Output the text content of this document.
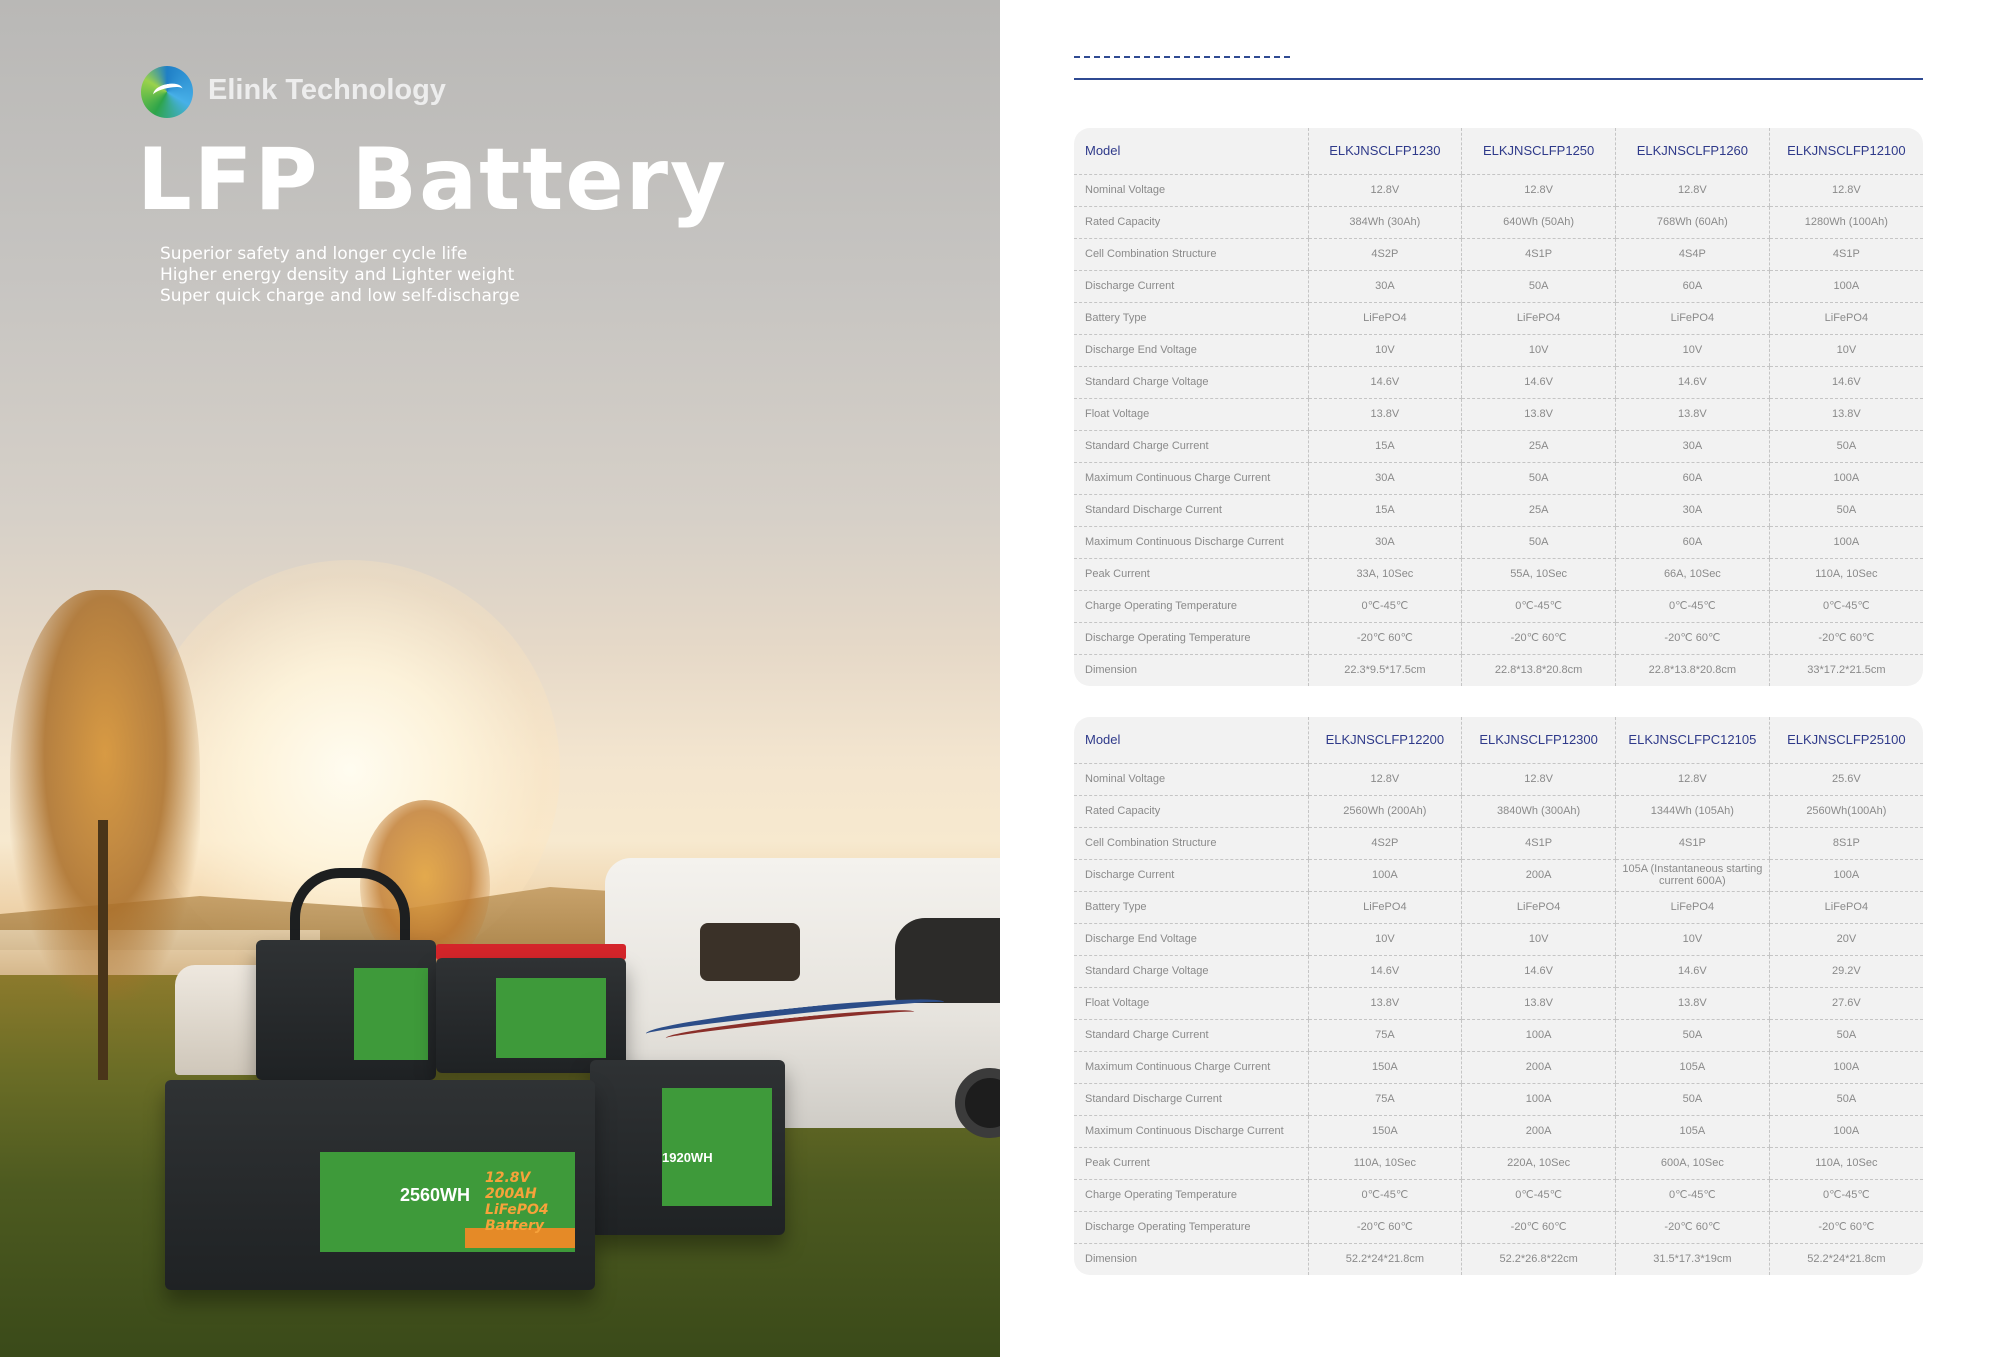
1920WH
2560WH
12.8V 200AH LiFePO4 Battery
Elink Technology
LFP Battery
Superior safety and longer cycle life
Higher energy density and Lighter weight
Super quick charge and low self-discharge
Model	ELKJNSCLFP1230	ELKJNSCLFP1250	ELKJNSCLFP1260	ELKJNSCLFP12100
Nominal Voltage	12.8V	12.8V	12.8V	12.8V
Rated Capacity	384Wh (30Ah)	640Wh (50Ah)	768Wh (60Ah)	1280Wh (100Ah)
Cell Combination Structure	4S2P	4S1P	4S4P	4S1P
Discharge Current	30A	50A	60A	100A
Battery Type	LiFePO4	LiFePO4	LiFePO4	LiFePO4
Discharge End Voltage	10V	10V	10V	10V
Standard Charge Voltage	14.6V	14.6V	14.6V	14.6V
Float Voltage	13.8V	13.8V	13.8V	13.8V
Standard Charge Current	15A	25A	30A	50A
Maximum Continuous Charge Current	30A	50A	60A	100A
Standard Discharge Current	15A	25A	30A	50A
Maximum Continuous Discharge Current	30A	50A	60A	100A
Peak Current	33A, 10Sec	55A, 10Sec	66A, 10Sec	110A, 10Sec
Charge Operating Temperature	0℃-45℃	0℃-45℃	0℃-45℃	0℃-45℃
Discharge Operating Temperature	-20℃ 60℃	-20℃ 60℃	-20℃ 60℃	-20℃ 60℃
Dimension	22.3*9.5*17.5cm	22.8*13.8*20.8cm	22.8*13.8*20.8cm	33*17.2*21.5cm
Model	ELKJNSCLFP12200	ELKJNSCLFP12300	ELKJNSCLFPC12105	ELKJNSCLFP25100
Nominal Voltage	12.8V	12.8V	12.8V	25.6V
Rated Capacity	2560Wh (200Ah)	3840Wh (300Ah)	1344Wh (105Ah)	2560Wh(100Ah)
Cell Combination Structure	4S2P	4S1P	4S1P	8S1P
Discharge Current	100A	200A	105A (Instantaneous starting current 600A)	100A
Battery Type	LiFePO4	LiFePO4	LiFePO4	LiFePO4
Discharge End Voltage	10V	10V	10V	20V
Standard Charge Voltage	14.6V	14.6V	14.6V	29.2V
Float Voltage	13.8V	13.8V	13.8V	27.6V
Standard Charge Current	75A	100A	50A	50A
Maximum Continuous Charge Current	150A	200A	105A	100A
Standard Discharge Current	75A	100A	50A	50A
Maximum Continuous Discharge Current	150A	200A	105A	100A
Peak Current	110A, 10Sec	220A, 10Sec	600A, 10Sec	110A, 10Sec
Charge Operating Temperature	0℃-45℃	0℃-45℃	0℃-45℃	0℃-45℃
Discharge Operating Temperature	-20℃ 60℃	-20℃ 60℃	-20℃ 60℃	-20℃ 60℃
Dimension	52.2*24*21.8cm	52.2*26.8*22cm	31.5*17.3*19cm	52.2*24*21.8cm
